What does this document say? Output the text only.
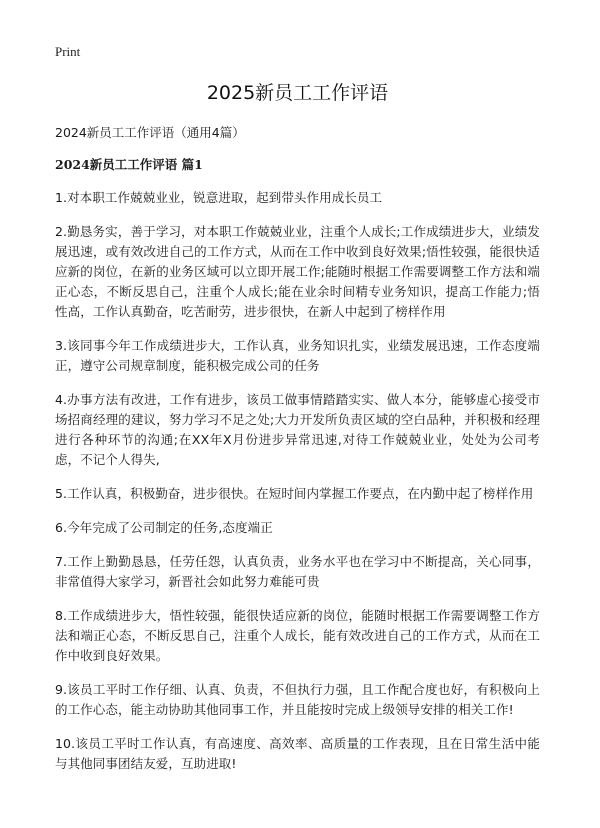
Print
2025新员工工作评语

2024新员工工作评语（通用4篇）

2024新员工工作评语 篇1

1.对本职工作兢兢业业，锐意进取，起到带头作用成长员工

2.勤恳务实，善于学习，对本职工作兢兢业业，注重个人成长;工作成绩进步大，业绩发展迅速，或有效改进自己的工作方式，从而在工作中收到良好效果;悟性较强，能很快适应新的岗位，在新的业务区域可以立即开展工作;能随时根据工作需要调整工作方法和端正心态，不断反思自己，注重个人成长;能在业余时间精专业务知识，提高工作能力;悟性高，工作认真勤奋，吃苦耐劳，进步很快，在新人中起到了榜样作用

3.该同事今年工作成绩进步大，工作认真，业务知识扎实，业绩发展迅速，工作态度端正，遵守公司规章制度，能积极完成公司的任务

4.办事方法有改进，工作有进步，该员工做事情踏踏实实、做人本分，能够虚心接受市场招商经理的建议，努力学习不足之处;大力开发所负责区域的空白品种，并积极和经理进行各种环节的沟通;在XX年X月份进步异常迅速,对待工作兢兢业业，处处为公司考虑，不记个人得失,

5.工作认真，积极勤奋，进步很快。在短时间内掌握工作要点，在内勤中起了榜样作用

6.今年完成了公司制定的任务,态度端正

7.工作上勤勤恳恳，任劳任怨，认真负责，业务水平也在学习中不断提高，关心同事，非常值得大家学习，新晋社会如此努力难能可贵

8.工作成绩进步大，悟性较强，能很快适应新的岗位，能随时根据工作需要调整工作方法和端正心态，不断反思自己，注重个人成长，能有效改进自己的工作方式，从而在工作中收到良好效果。

9.该员工平时工作仔细、认真、负责，不但执行力强，且工作配合度也好，有积极向上的工作心态，能主动协助其他同事工作，并且能按时完成上级领导安排的相关工作!

10.该员工平时工作认真，有高速度、高效率、高质量的工作表现，且在日常生活中能与其他同事团结友爱，互助进取!
